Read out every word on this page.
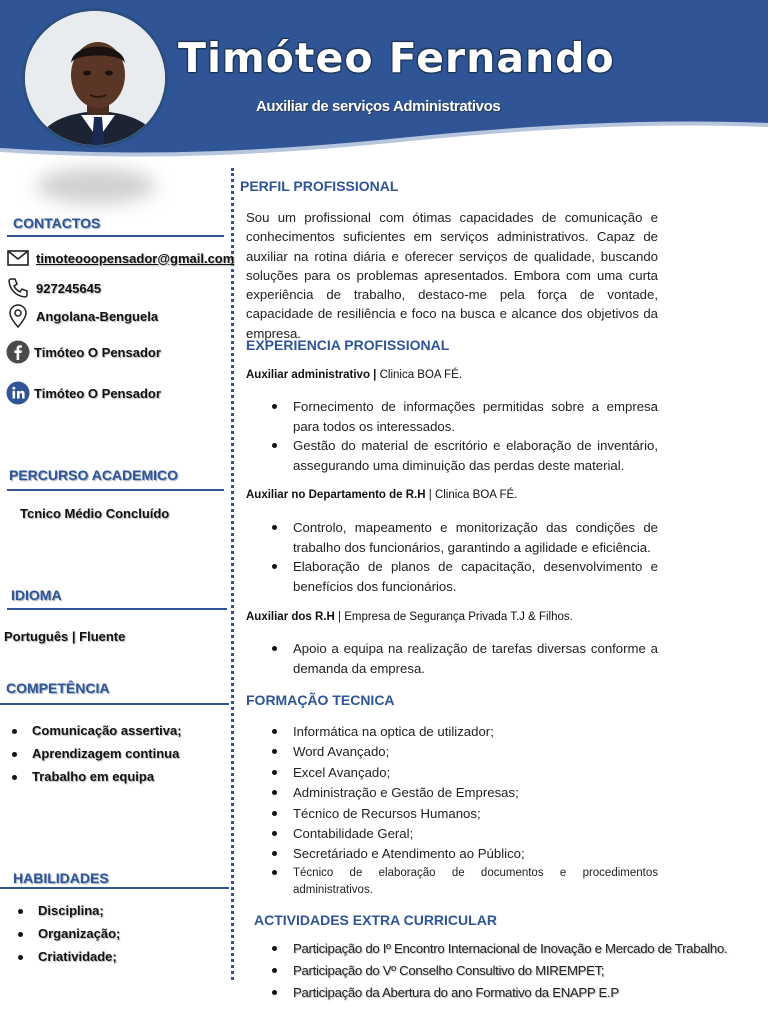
Timóteo Fernando
Auxiliar de serviços Administrativos
CONTACTOS
timoteooopensador@gmail.com
927245645
Angolana-Benguela
Timóteo O Pensador
Timóteo O Pensador
PERCURSO ACADEMICO
Tcnico Médio Concluído
IDIOMA
Português | Fluente
COMPETÊNCIA
Comunicação assertiva;
Aprendizagem continua
Trabalho em equipa
HABILIDADES
Disciplina;
Organização;
Criatividade;
PERFIL PROFISSIONAL
Sou um profissional com ótimas capacidades de comunicação e conhecimentos suficientes em serviços administrativos. Capaz de auxiliar na rotina diária e oferecer serviços de qualidade, buscando soluções para os problemas apresentados. Embora com uma curta experiência de trabalho, destaco-me pela força de vontade, capacidade de resiliência e foco na busca e alcance dos objetivos da empresa.
EXPERIENCIA PROFISSIONAL
Auxiliar administrativo | Clinica BOA FÉ.
Fornecimento de informações permitidas sobre a empresa para todos os interessados.
Gestão do material de escritório e elaboração de inventário, assegurando uma diminuição das perdas deste material.
Auxiliar no Departamento de R.H | Clinica BOA FÉ.
Controlo, mapeamento e monitorização das condições de trabalho dos funcionários, garantindo a agilidade e eficiência.
Elaboração de planos de capacitação, desenvolvimento e benefícios dos funcionários.
Auxiliar dos R.H | Empresa de Segurança Privada T.J & Filhos.
Apoio a equipa na realização de tarefas diversas conforme a demanda da empresa.
FORMAÇÃO TECNICA
Informática na optica de utilizador;
Word Avançado;
Excel Avançado;
Administração e Gestão de Empresas;
Técnico de Recursos Humanos;
Contabilidade Geral;
Secretáriado e Atendimento ao Público;
Técnico de elaboração de documentos e procedimentos administrativos.
ACTIVIDADES EXTRA CURRICULAR
Participação do Iº Encontro Internacional de Inovação e Mercado de Trabalho.
Participação do Vº Conselho Consultivo do MIREMPET;
Participação da Abertura do ano Formativo da ENAPP E.P
